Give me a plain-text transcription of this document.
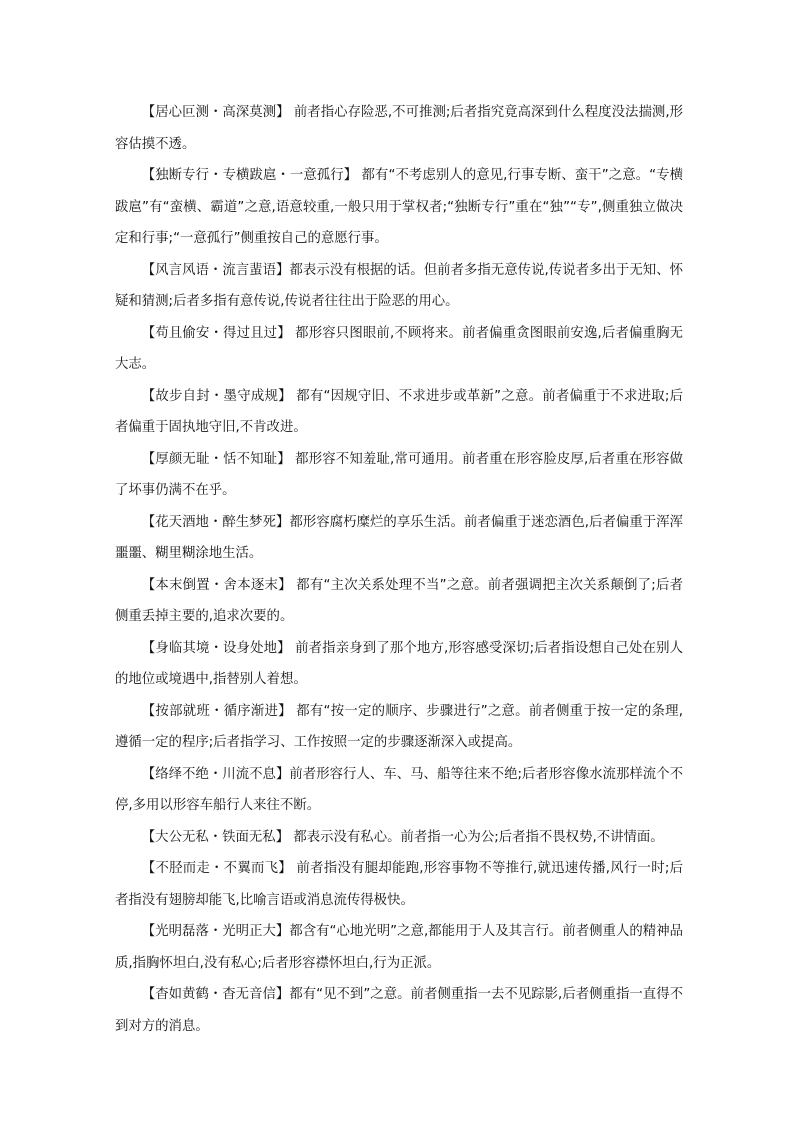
【居心叵测・高深莫测】 前者指心存险恶,不可推测;后者指究竟高深到什么程度没法揣测,形容估摸不透。

【独断专行・专横跋扈・一意孤行】 都有“不考虑别人的意见,行事专断、蛮干”之意。“专横跋扈”有“蛮横、霸道”之意,语意较重,一般只用于掌权者;“独断专行”重在“独”“专”,侧重独立做决定和行事;“一意孤行”侧重按自己的意愿行事。

【风言风语・流言蜚语】都表示没有根据的话。但前者多指无意传说,传说者多出于无知、怀疑和猜测;后者多指有意传说,传说者往往出于险恶的用心。

【苟且偷安・得过且过】 都形容只图眼前,不顾将来。前者偏重贪图眼前安逸,后者偏重胸无大志。

【故步自封・墨守成规】 都有“因规守旧、不求进步或革新”之意。前者偏重于不求进取;后者偏重于固执地守旧,不肯改进。

【厚颜无耻・恬不知耻】 都形容不知羞耻,常可通用。前者重在形容脸皮厚,后者重在形容做了坏事仍满不在乎。

【花天酒地・醉生梦死】都形容腐朽糜烂的享乐生活。前者偏重于迷恋酒色,后者偏重于浑浑噩噩、糊里糊涂地生活。

【本末倒置・舍本逐末】 都有“主次关系处理不当”之意。前者强调把主次关系颠倒了;后者侧重丢掉主要的,追求次要的。

【身临其境・设身处地】 前者指亲身到了那个地方,形容感受深切;后者指设想自己处在别人的地位或境遇中,指替别人着想。

【按部就班・循序渐进】 都有“按一定的顺序、步骤进行”之意。前者侧重于按一定的条理,遵循一定的程序;后者指学习、工作按照一定的步骤逐渐深入或提高。

【络绎不绝・川流不息】前者形容行人、车、马、船等往来不绝;后者形容像水流那样流个不停,多用以形容车船行人来往不断。

【大公无私・铁面无私】 都表示没有私心。前者指一心为公;后者指不畏权势,不讲情面。

【不胫而走・不翼而飞】 前者指没有腿却能跑,形容事物不等推行,就迅速传播,风行一时;后者指没有翅膀却能飞,比喻言语或消息流传得极快。

【光明磊落・光明正大】都含有“心地光明”之意,都能用于人及其言行。前者侧重人的精神品质,指胸怀坦白,没有私心;后者形容襟怀坦白,行为正派。

【杳如黄鹤・杳无音信】都有“见不到”之意。前者侧重指一去不见踪影,后者侧重指一直得不到对方的消息。
